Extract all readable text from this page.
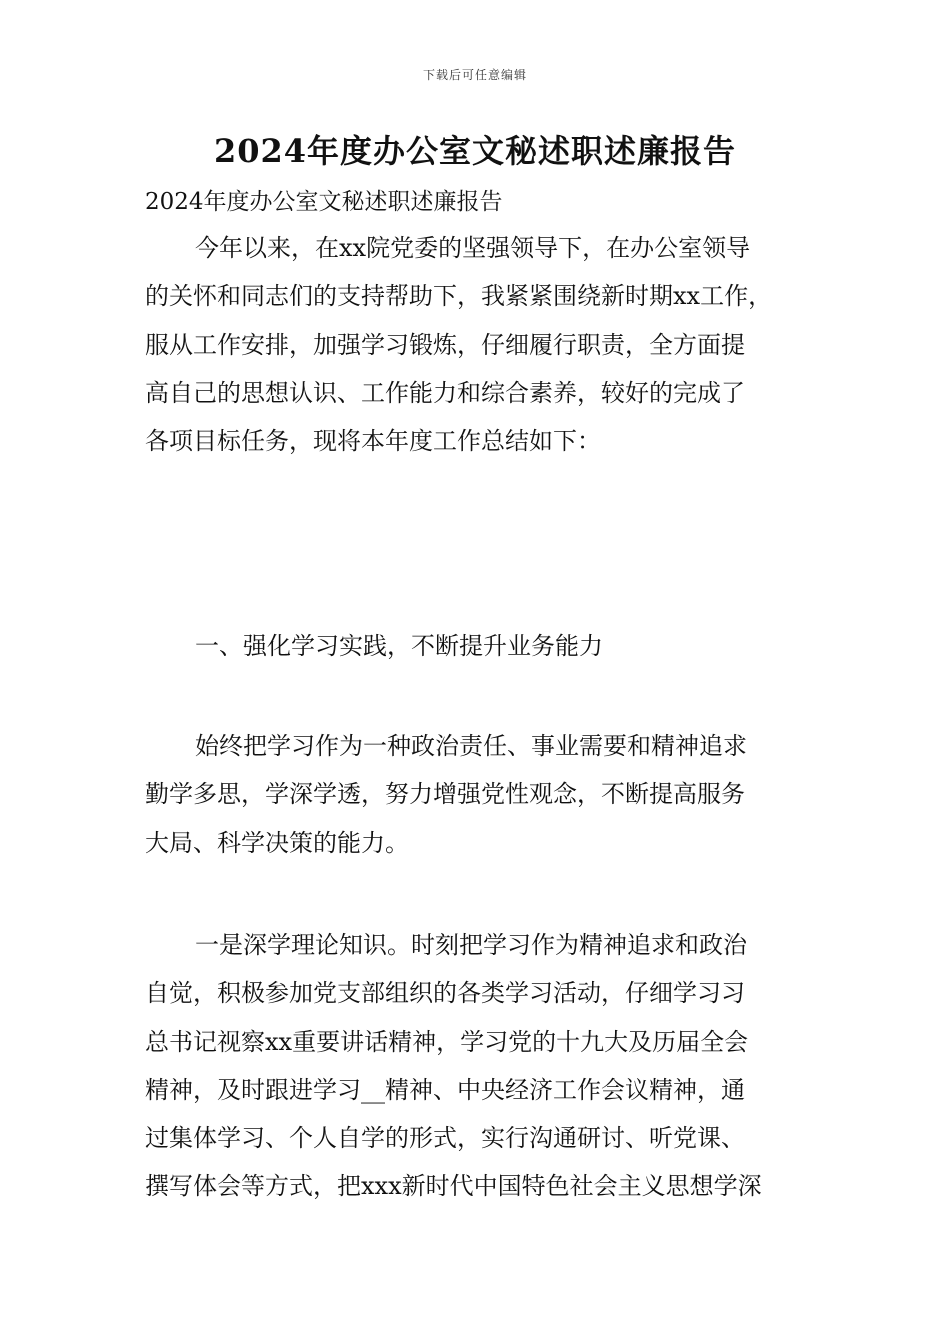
下载后可任意编辑
2024年度办公室文秘述职述廉报告
2024年度办公室文秘述职述廉报告

今年以来，在xx院党委的坚强领导下，在办公室领导
的关怀和同志们的支持帮助下，我紧紧围绕新时期xx工作，
服从工作安排，加强学习锻炼，仔细履行职责，全方面提
高自己的思想认识、工作能力和综合素养，较好的完成了
各项目标任务，现将本年度工作总结如下：

一、强化学习实践，不断提升业务能力

始终把学习作为一种政治责任、事业需要和精神追求
勤学多思，学深学透，努力增强党性观念，不断提高服务
大局、科学决策的能力。

一是深学理论知识。时刻把学习作为精神追求和政治
自觉，积极参加党支部组织的各类学习活动，仔细学习习
总书记视察xx重要讲话精神，学习党的十九大及历届全会
精神，及时跟进学习__精神、中央经济工作会议精神，通
过集体学习、个人自学的形式，实行沟通研讨、听党课、
撰写体会等方式，把xxx新时代中国特色社会主义思想学深
